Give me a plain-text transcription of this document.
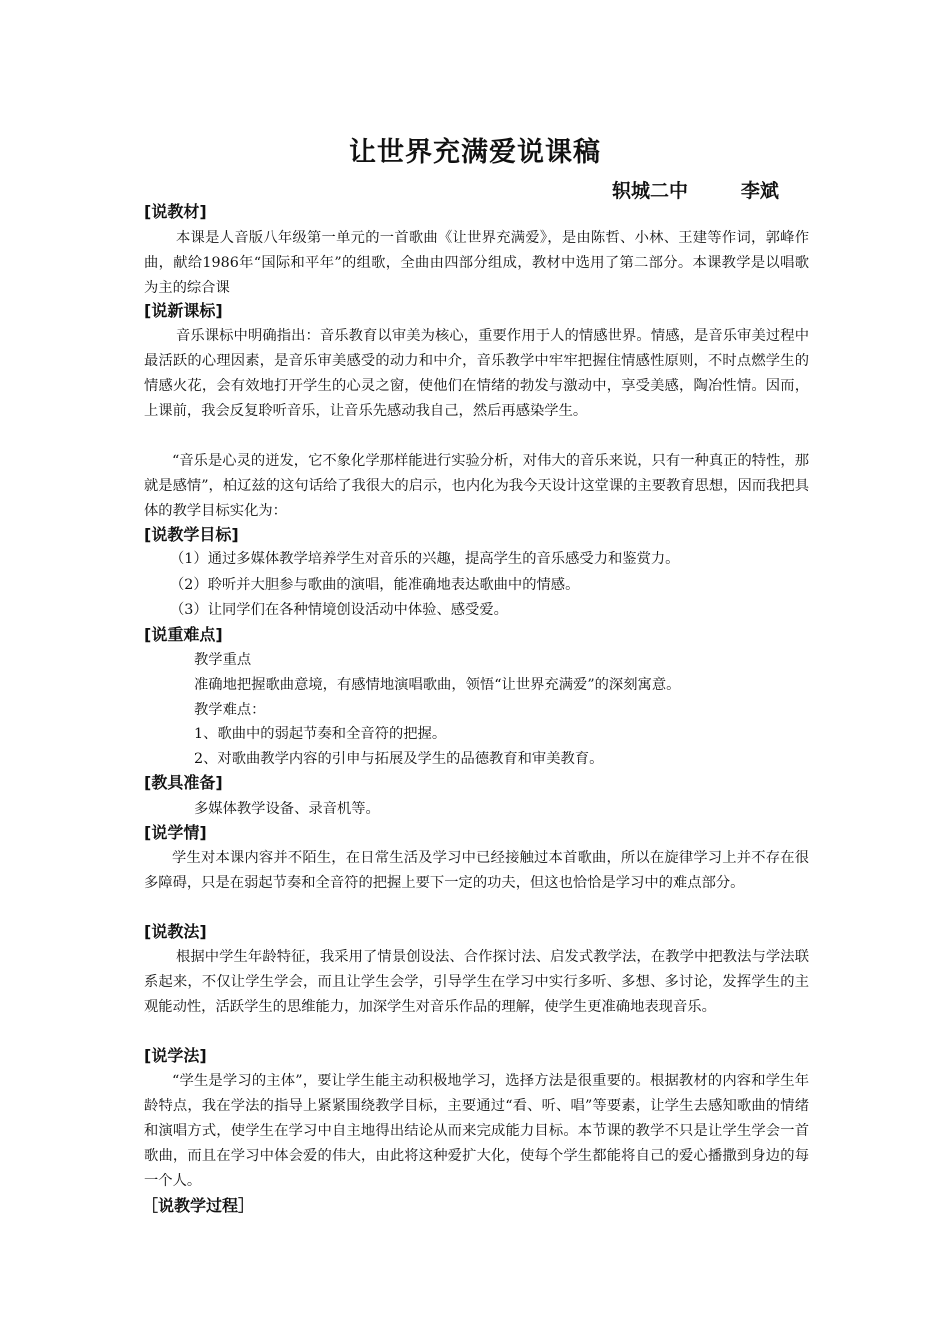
让世界充满爱说课稿
轵城二中        李斌
[说教材]
本课是人音版八年级第一单元的一首歌曲《让世界充满爱》，是由陈哲、小林、王建等作词，郭峰作曲，献给1986年“国际和平年”的组歌，全曲由四部分组成，教材中选用了第二部分。本课教学是以唱歌为主的综合课
[说新课标]
音乐课标中明确指出：音乐教育以审美为核心，重要作用于人的情感世界。情感，是音乐审美过程中最活跃的心理因素，是音乐审美感受的动力和中介，音乐教学中牢牢把握住情感性原则，不时点燃学生的情感火花，会有效地打开学生的心灵之窗，使他们在情绪的勃发与激动中，享受美感，陶冶性情。因而，上课前，我会反复聆听音乐，让音乐先感动我自己，然后再感染学生。
“音乐是心灵的迸发，它不象化学那样能进行实验分析，对伟大的音乐来说，只有一种真正的特性，那就是感情”，柏辽兹的这句话给了我很大的启示，也内化为我今天设计这堂课的主要教育思想，因而我把具体的教学目标实化为：
[说教学目标]
（1）通过多媒体教学培养学生对音乐的兴趣，提高学生的音乐感受力和鉴赏力。
（2）聆听并大胆参与歌曲的演唱，能准确地表达歌曲中的情感。
（3）让同学们在各种情境创设活动中体验、感受爱。
[说重难点]
教学重点
准确地把握歌曲意境，有感情地演唱歌曲，领悟“让世界充满爱”的深刻寓意。
教学难点：
1、歌曲中的弱起节奏和全音符的把握。
2、对歌曲教学内容的引申与拓展及学生的品德教育和审美教育。
[教具准备]
多媒体教学设备、录音机等。
[说学情]
学生对本课内容并不陌生，在日常生活及学习中已经接触过本首歌曲，所以在旋律学习上并不存在很多障碍，只是在弱起节奏和全音符的把握上要下一定的功夫，但这也恰恰是学习中的难点部分。
[说教法]
根据中学生年龄特征，我采用了情景创设法、合作探讨法、启发式教学法，在教学中把教法与学法联系起来，不仅让学生学会，而且让学生会学，引导学生在学习中实行多听、多想、多讨论，发挥学生的主观能动性，活跃学生的思维能力，加深学生对音乐作品的理解，使学生更准确地表现音乐。
[说学法]
“学生是学习的主体”，要让学生能主动积极地学习，选择方法是很重要的。根据教材的内容和学生年龄特点，我在学法的指导上紧紧围绕教学目标，主要通过“看、听、唱”等要素，让学生去感知歌曲的情绪和演唱方式，使学生在学习中自主地得出结论从而来完成能力目标。本节课的教学不只是让学生学会一首歌曲，而且在学习中体会爱的伟大，由此将这种爱扩大化，使每个学生都能将自己的爱心播撒到身边的每一个人。
［说教学过程］
